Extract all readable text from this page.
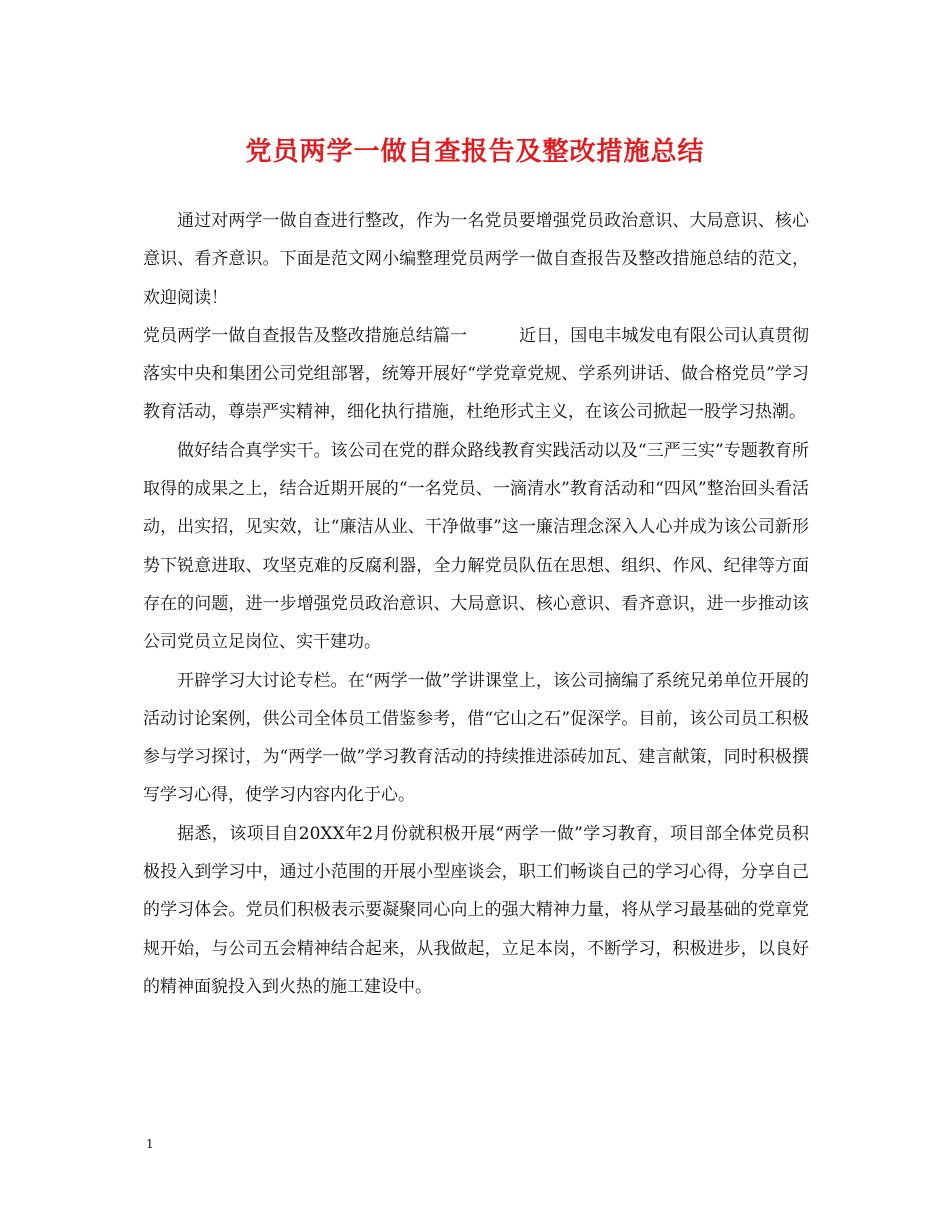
党员两学一做自查报告及整改措施总结

通过对两学一做自查进行整改，作为一名党员要增强党员政治意识、大局意识、核心意识、看齐意识。下面是范文网小编整理党员两学一做自查报告及整改措施总结的范文，欢迎阅读！

党员两学一做自查报告及整改措施总结篇一	近日，国电丰城发电有限公司认真贯彻落实中央和集团公司党组部署，统筹开展好“学党章党规、学系列讲话、做合格党员”学习教育活动，尊崇严实精神，细化执行措施，杜绝形式主义，在该公司掀起一股学习热潮。

做好结合真学实干。该公司在党的群众路线教育实践活动以及“三严三实”专题教育所取得的成果之上，结合近期开展的“一名党员、一滴清水”教育活动和“四风”整治回头看活动，出实招，见实效，让“廉洁从业、干净做事”这一廉洁理念深入人心并成为该公司新形势下锐意进取、攻坚克难的反腐利器，全力解党员队伍在思想、组织、作风、纪律等方面存在的问题，进一步增强党员政治意识、大局意识、核心意识、看齐意识，进一步推动该公司党员立足岗位、实干建功。

开辟学习大讨论专栏。在“两学一做”学讲课堂上，该公司摘编了系统兄弟单位开展的活动讨论案例，供公司全体员工借鉴参考，借“它山之石”促深学。目前，该公司员工积极参与学习探讨，为“两学一做”学习教育活动的持续推进添砖加瓦、建言献策，同时积极撰写学习心得，使学习内容内化于心。

据悉，该项目自20XX年2月份就积极开展“两学一做”学习教育，项目部全体党员积极投入到学习中，通过小范围的开展小型座谈会，职工们畅谈自己的学习心得，分享自己的学习体会。党员们积极表示要凝聚同心向上的强大精神力量，将从学习最基础的党章党规开始，与公司五会精神结合起来，从我做起，立足本岗，不断学习，积极进步，以良好的精神面貌投入到火热的施工建设中。

1
